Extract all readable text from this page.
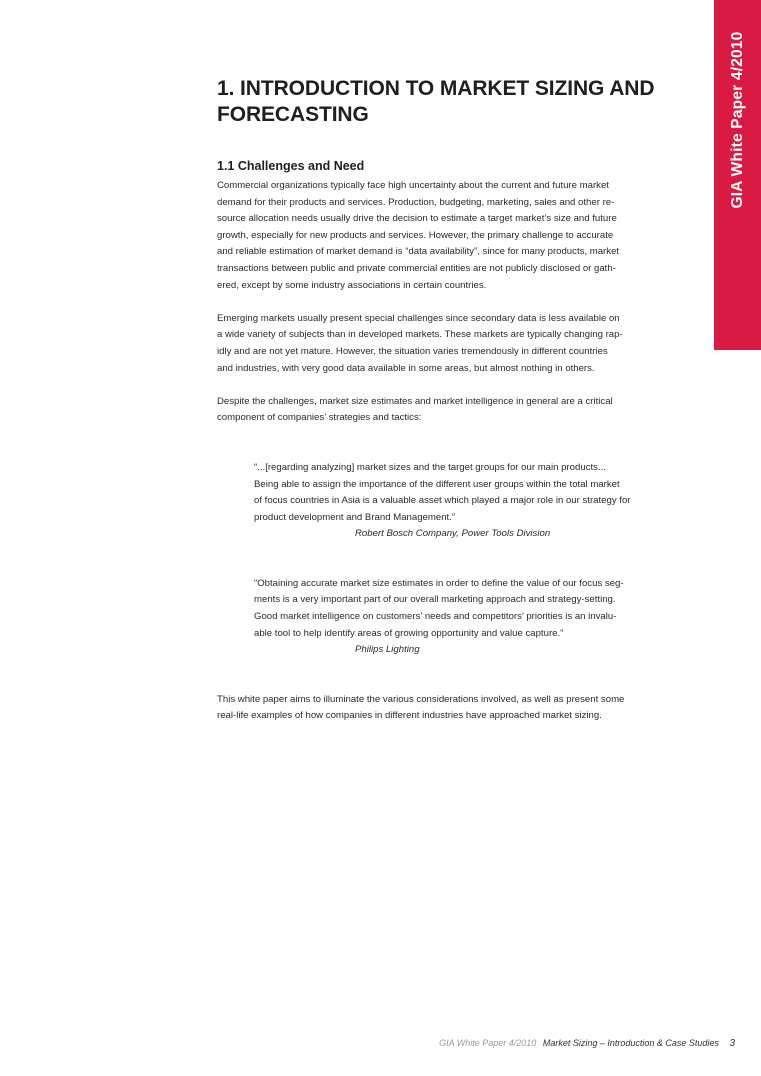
GIA White Paper 4/2010
1. INTRODUCTION TO MARKET SIZING AND
FORECASTING
1.1 Challenges and Need

Commercial organizations typically face high uncertainty about the current and future market
demand for their products and services. Production, budgeting, marketing, sales and other re-
source allocation needs usually drive the decision to estimate a target market’s size and future
growth, especially for new products and services. However, the primary challenge to accurate
and reliable estimation of market demand is “data availability”, since for many products, market
transactions between public and private commercial entities are not publicly disclosed or gath-
ered, except by some industry associations in certain countries.

Emerging markets usually present special challenges since secondary data is less available on
a wide variety of subjects than in developed markets. These markets are typically changing rap-
idly and are not yet mature. However, the situation varies tremendously in different countries
and industries, with very good data available in some areas, but almost nothing in others.

Despite the challenges, market size estimates and market intelligence in general are a critical
component of companies’ strategies and tactics:

“...[regarding analyzing] market sizes and the target groups for our main products...
Being able to assign the importance of the different user groups within the total market
of focus countries in Asia is a valuable asset which played a major role in our strategy for
product development and Brand Management.”
Robert Bosch Company, Power Tools Division
“Obtaining accurate market size estimates in order to define the value of our focus seg-
ments is a very important part of our overall marketing approach and strategy-setting.
Good market intelligence on customers’ needs and competitors’ priorities is an invalu-
able tool to help identify areas of growing opportunity and value capture.”
Philips Lighting

This white paper aims to illuminate the various considerations involved, as well as present some
real-life examples of how companies in different industries have approached market sizing.

GIA White Paper 4/2010 Market Sizing – Introduction & Case Studies 3
